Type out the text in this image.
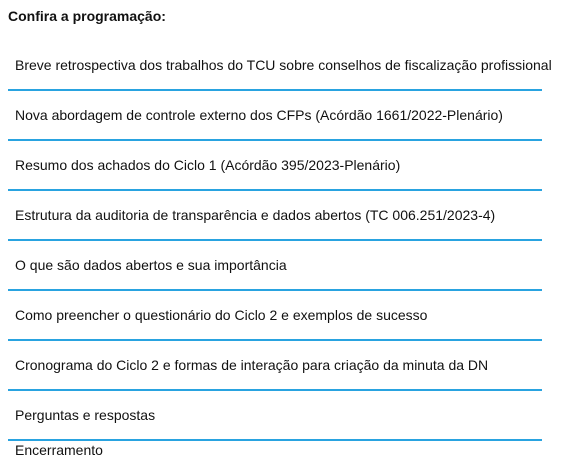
Confira a programação:
Breve retrospectiva dos trabalhos do TCU sobre conselhos de fiscalização profissional
Nova abordagem de controle externo dos CFPs (Acórdão 1661/2022-Plenário)
Resumo dos achados do Ciclo 1 (Acórdão 395/2023-Plenário)
Estrutura da auditoria de transparência e dados abertos (TC 006.251/2023-4)
O que são dados abertos e sua importância
Como preencher o questionário do Ciclo 2 e exemplos de sucesso
Cronograma do Ciclo 2 e formas de interação para criação da minuta da DN
Perguntas e respostas
Encerramento
